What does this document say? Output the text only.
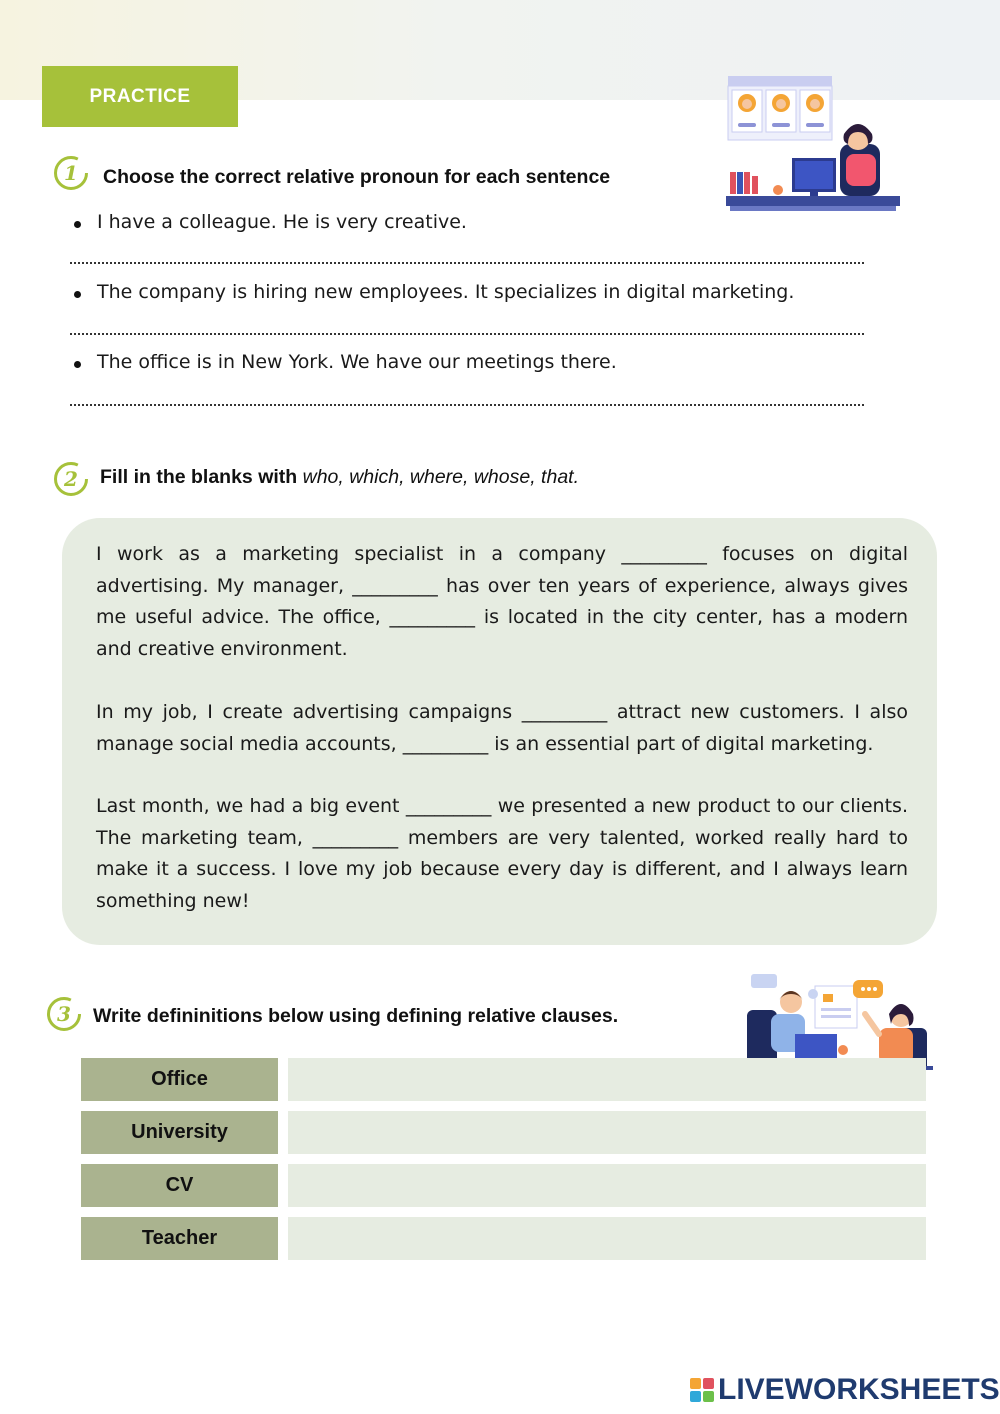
PRACTICE
1 Choose the correct relative pronoun for each sentence
I have a colleague. He is very creative.
The company is hiring new employees. It specializes in digital marketing.
The office is in New York. We have our meetings there.
2 Fill in the blanks with who, which, where, whose, that.
I work as a marketing specialist in a company _________ focuses on digital advertising. My manager, _________ has over ten years of experience, always gives me useful advice. The office, _________ is located in the city center, has a modern and creative environment.
In my job, I create advertising campaigns _________ attract new customers. I also manage social media accounts, _________ is an essential part of digital marketing.
Last month, we had a big event _________ we presented a new product to our clients. The marketing team, _________ members are very talented, worked really hard to make it a success. I love my job because every day is different, and I always learn something new!
3 Write defininitions below using defining relative clauses.
Office
University
CV
Teacher
LIVEWORKSHEETS
